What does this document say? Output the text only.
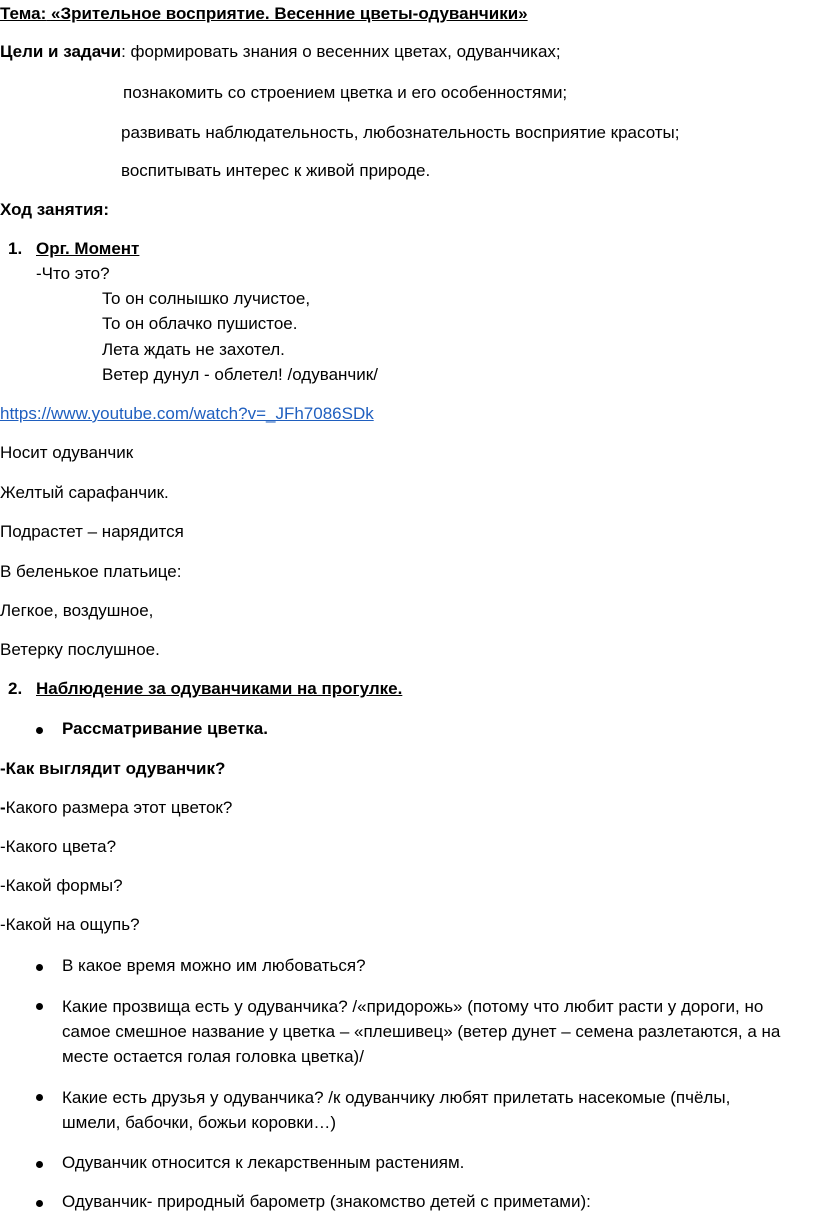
Тема: «Зрительное восприятие. Весенние цветы-одуванчики»
Цели и задачи: формировать знания о весенних цветах, одуванчиках;
познакомить со строением цветка и его особенностями;
развивать наблюдательность, любознательность восприятие красоты;
воспитывать интерес к живой природе.
Ход занятия:
1. Орг. Момент
-Что это?
То он солнышко лучистое,
То он облачко пушистое.
Лета ждать не захотел.
Ветер дунул - облетел! /одуванчик/
https://www.youtube.com/watch?v=_JFh7086SDk
Носит одуванчик
Желтый сарафанчик.
Подрастет – нарядится
В беленькое платьице:
Легкое, воздушное,
Ветерку послушное.
2. Наблюдение за одуванчиками на прогулке.
Рассматривание цветка.
-Как выглядит одуванчик?
-Какого размера этот цветок?
-Какого цвета?
-Какой формы?
-Какой на ощупь?
В какое время можно им любоваться?
Какие прозвища есть у одуванчика? /«придорожь» (потому что любит расти у дороги, но самое смешное название у цветка – «плешивец» (ветер дунет – семена разлетаются, а на месте остается голая головка цветка)/
Какие есть друзья у одуванчика? /к одуванчику любят прилетать насекомые (пчёлы, шмели, бабочки, божьи коровки…)
Одуванчик относится к лекарственным растениям.
Одуванчик- природный барометр (знакомство детей с приметами):
